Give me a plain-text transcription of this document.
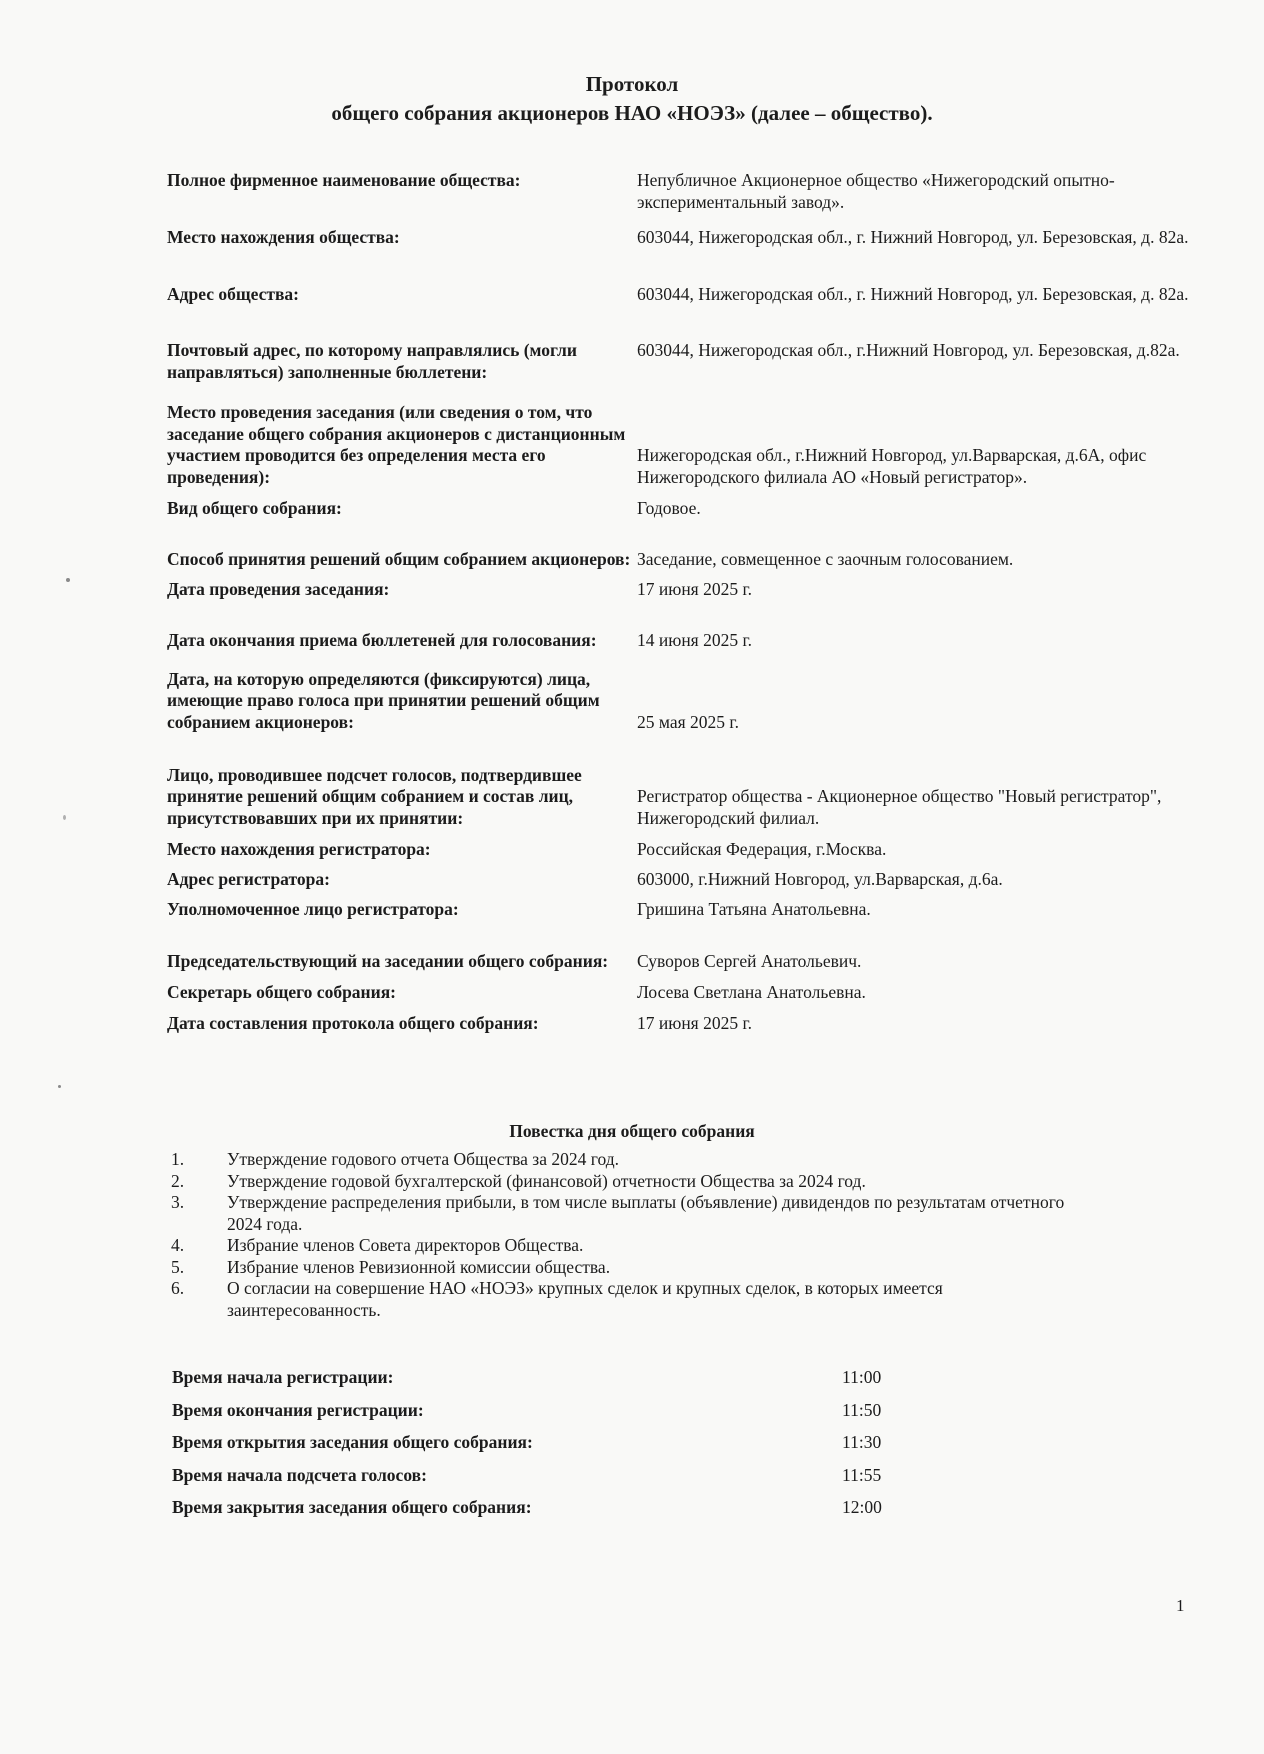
Протокол
общего собрания акционеров НАО «НОЭЗ» (далее – общество).
Полное фирменное наименование общества:	Непубличное Акционерное общество «Нижегородский опытно-экспериментальный завод».
Место нахождения общества:	603044, Нижегородская обл., г. Нижний Новгород, ул. Березовская, д. 82а.
Адрес общества:	603044, Нижегородская обл., г. Нижний Новгород, ул. Березовская, д. 82а.
Почтовый адрес, по которому направлялись (могли направляться) заполненные бюллетени:
603044, Нижегородская обл., г.Нижний Новгород, ул. Березовская, д.82а.
Место проведения заседания (или сведения о том, что заседание общего собрания акционеров с дистанционным участием проводится без определения места его проведения):
Нижегородская обл., г.Нижний Новгород, ул.Варварская, д.6А, офис Нижегородского филиала АО «Новый регистратор».
Вид общего собрания:	Годовое.
Способ принятия решений общим собранием акционеров: Заседание, совмещенное с заочным голосованием.
Дата проведения заседания:	17 июня 2025 г.
Дата окончания приема бюллетеней для голосования:	14 июня 2025 г.
Дата, на которую определяются (фиксируются) лица, имеющие право голоса при принятии решений общим собранием акционеров:	25 мая 2025 г.
Лицо, проводившее подсчет голосов, подтвердившее принятие решений общим собранием и состав лиц, присутствовавших при их принятии:
Регистратор общества - Акционерное общество "Новый регистратор", Нижегородский филиал.
Место нахождения регистратора:	Российская Федерация, г.Москва.
Адрес регистратора:	603000, г.Нижний Новгород, ул.Варварская, д.6а.
Уполномоченное лицо регистратора:	Гришина Татьяна Анатольевна.
Председательствующий на заседании общего собрания:	Суворов Сергей Анатольевич.
Секретарь общего собрания:	Лосева Светлана Анатольевна.
Дата составления протокола общего собрания:	17 июня 2025 г.
Повестка дня общего собрания
1.	Утверждение годового отчета Общества за 2024 год.
2.	Утверждение годовой бухгалтерской (финансовой) отчетности Общества за 2024 год.
3.	Утверждение распределения прибыли, в том числе выплаты (объявление) дивидендов по результатам отчетного 2024 года.
4.	Избрание членов Совета директоров Общества.
5.	Избрание членов Ревизионной комиссии общества.
6.	О согласии на совершение НАО «НОЭЗ» крупных сделок и крупных сделок, в которых имеется заинтересованность.
Время начала регистрации:	11:00
Время окончания регистрации:	11:50
Время открытия заседания общего собрания:	11:30
Время начала подсчета голосов:	11:55
Время закрытия заседания общего собрания:	12:00
1
